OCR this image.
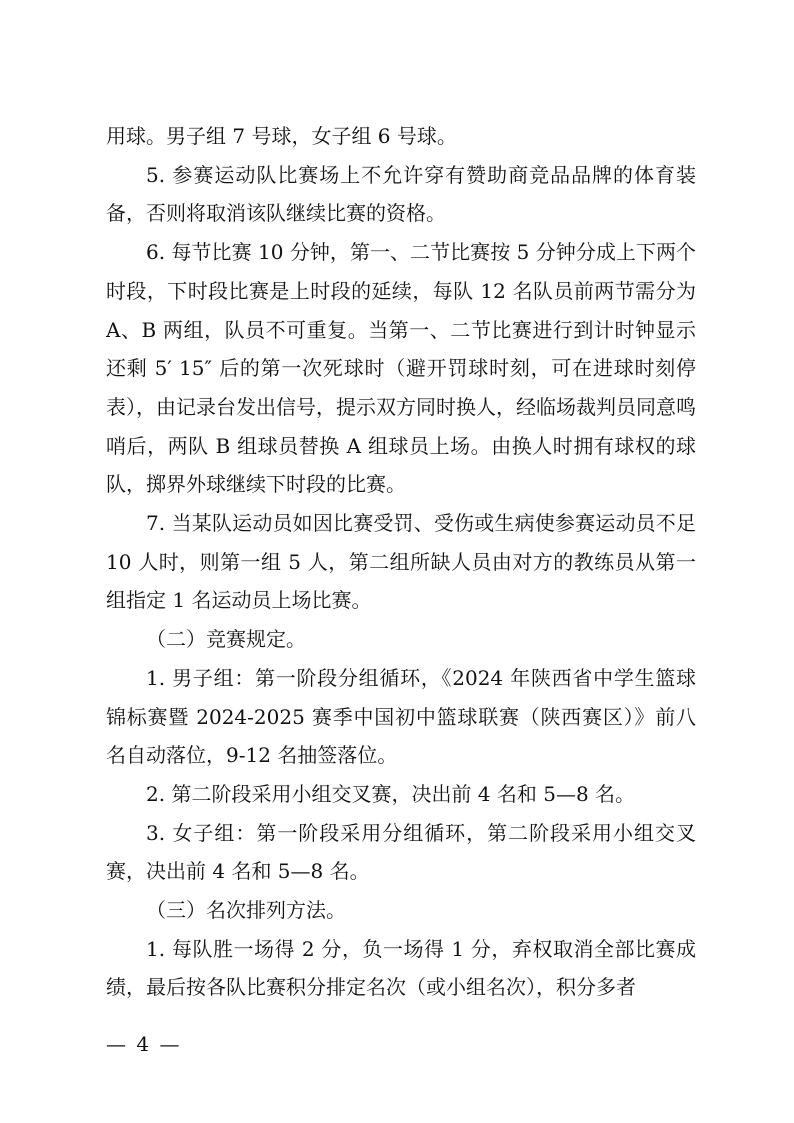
用球。男子组 7 号球，女子组 6 号球。

5. 参赛运动队比赛场上不允许穿有赞助商竞品品牌的体育装备，否则将取消该队继续比赛的资格。

6. 每节比赛 10 分钟，第一、二节比赛按 5 分钟分成上下两个时段，下时段比赛是上时段的延续，每队 12 名队员前两节需分为 A、B 两组，队员不可重复。当第一、二节比赛进行到计时钟显示还剩 5′ 15″ 后的第一次死球时（避开罚球时刻，可在进球时刻停表），由记录台发出信号，提示双方同时换人，经临场裁判员同意鸣哨后，两队 B 组球员替换 A 组球员上场。由换人时拥有球权的球队，掷界外球继续下时段的比赛。

7. 当某队运动员如因比赛受罚、受伤或生病使参赛运动员不足 10 人时，则第一组 5 人，第二组所缺人员由对方的教练员从第一组指定 1 名运动员上场比赛。

（二）竞赛规定。

1. 男子组：第一阶段分组循环，《2024 年陕西省中学生篮球锦标赛暨 2024-2025 赛季中国初中篮球联赛（陕西赛区）》前八名自动落位，9-12 名抽签落位。

2. 第二阶段采用小组交叉赛，决出前 4 名和 5—8 名。

3. 女子组：第一阶段采用分组循环，第二阶段采用小组交叉赛，决出前 4 名和 5—8 名。

（三）名次排列方法。

1. 每队胜一场得 2 分，负一场得 1 分，弃权取消全部比赛成绩，最后按各队比赛积分排定名次（或小组名次），积分多者

— 4 —
